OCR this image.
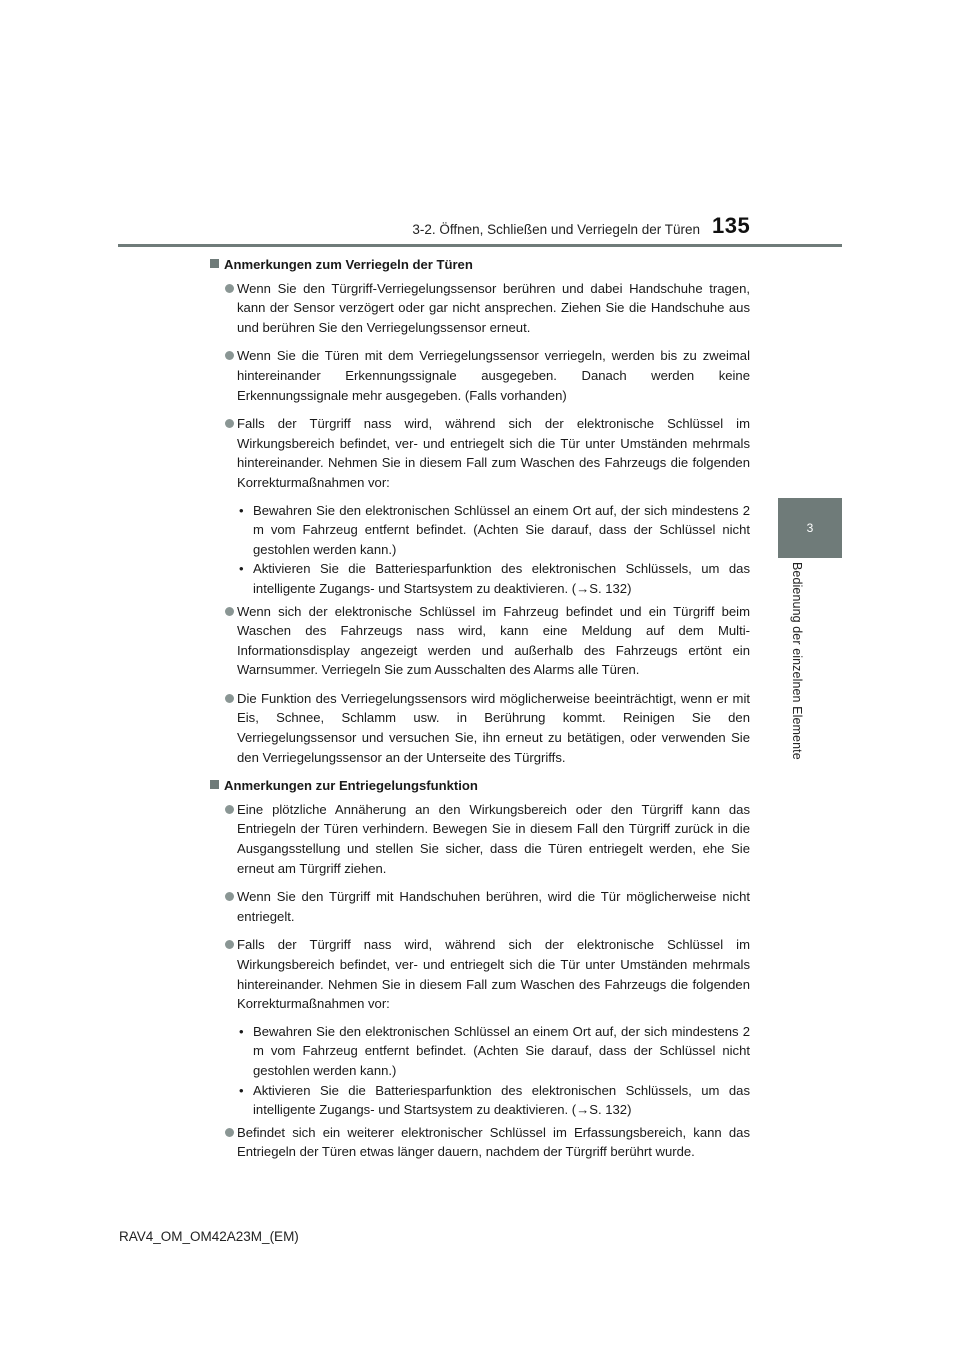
3-2. Öffnen, Schließen und Verriegeln der Türen 135
3
Bedienung der einzelnen Elemente
Anmerkungen zum Verriegeln der Türen
Wenn Sie den Türgriff-Verriegelungssensor berühren und dabei Handschuhe tragen, kann der Sensor verzögert oder gar nicht ansprechen. Ziehen Sie die Handschuhe aus und berühren Sie den Verriegelungssensor erneut.
Wenn Sie die Türen mit dem Verriegelungssensor verriegeln, werden bis zu zweimal hintereinander Erkennungssignale ausgegeben. Danach werden keine Erkennungssignale mehr ausgegeben. (Falls vorhanden)
Falls der Türgriff nass wird, während sich der elektronische Schlüssel im Wirkungsbereich befindet, ver- und entriegelt sich die Tür unter Umständen mehrmals hintereinander. Nehmen Sie in diesem Fall zum Waschen des Fahrzeugs die folgenden Korrekturmaßnahmen vor:
• Bewahren Sie den elektronischen Schlüssel an einem Ort auf, der sich mindestens 2 m vom Fahrzeug entfernt befindet. (Achten Sie darauf, dass der Schlüssel nicht gestohlen werden kann.)
• Aktivieren Sie die Batteriesparfunktion des elektronischen Schlüssels, um das intelligente Zugangs- und Startsystem zu deaktivieren. (→S. 132)
Wenn sich der elektronische Schlüssel im Fahrzeug befindet und ein Türgriff beim Waschen des Fahrzeugs nass wird, kann eine Meldung auf dem Multi-Informationsdisplay angezeigt werden und außerhalb des Fahrzeugs ertönt ein Warnsummer. Verriegeln Sie zum Ausschalten des Alarms alle Türen.
Die Funktion des Verriegelungssensors wird möglicherweise beeinträchtigt, wenn er mit Eis, Schnee, Schlamm usw. in Berührung kommt. Reinigen Sie den Verriegelungssensor und versuchen Sie, ihn erneut zu betätigen, oder verwenden Sie den Verriegelungssensor an der Unterseite des Türgriffs.
Anmerkungen zur Entriegelungsfunktion
Eine plötzliche Annäherung an den Wirkungsbereich oder den Türgriff kann das Entriegeln der Türen verhindern. Bewegen Sie in diesem Fall den Türgriff zurück in die Ausgangsstellung und stellen Sie sicher, dass die Türen entriegelt werden, ehe Sie erneut am Türgriff ziehen.
Wenn Sie den Türgriff mit Handschuhen berühren, wird die Tür möglicherweise nicht entriegelt.
Falls der Türgriff nass wird, während sich der elektronische Schlüssel im Wirkungsbereich befindet, ver- und entriegelt sich die Tür unter Umständen mehrmals hintereinander. Nehmen Sie in diesem Fall zum Waschen des Fahrzeugs die folgenden Korrekturmaßnahmen vor:
• Bewahren Sie den elektronischen Schlüssel an einem Ort auf, der sich mindestens 2 m vom Fahrzeug entfernt befindet. (Achten Sie darauf, dass der Schlüssel nicht gestohlen werden kann.)
• Aktivieren Sie die Batteriesparfunktion des elektronischen Schlüssels, um das intelligente Zugangs- und Startsystem zu deaktivieren. (→S. 132)
Befindet sich ein weiterer elektronischer Schlüssel im Erfassungsbereich, kann das Entriegeln der Türen etwas länger dauern, nachdem der Türgriff berührt wurde.
RAV4_OM_OM42A23M_(EM)
